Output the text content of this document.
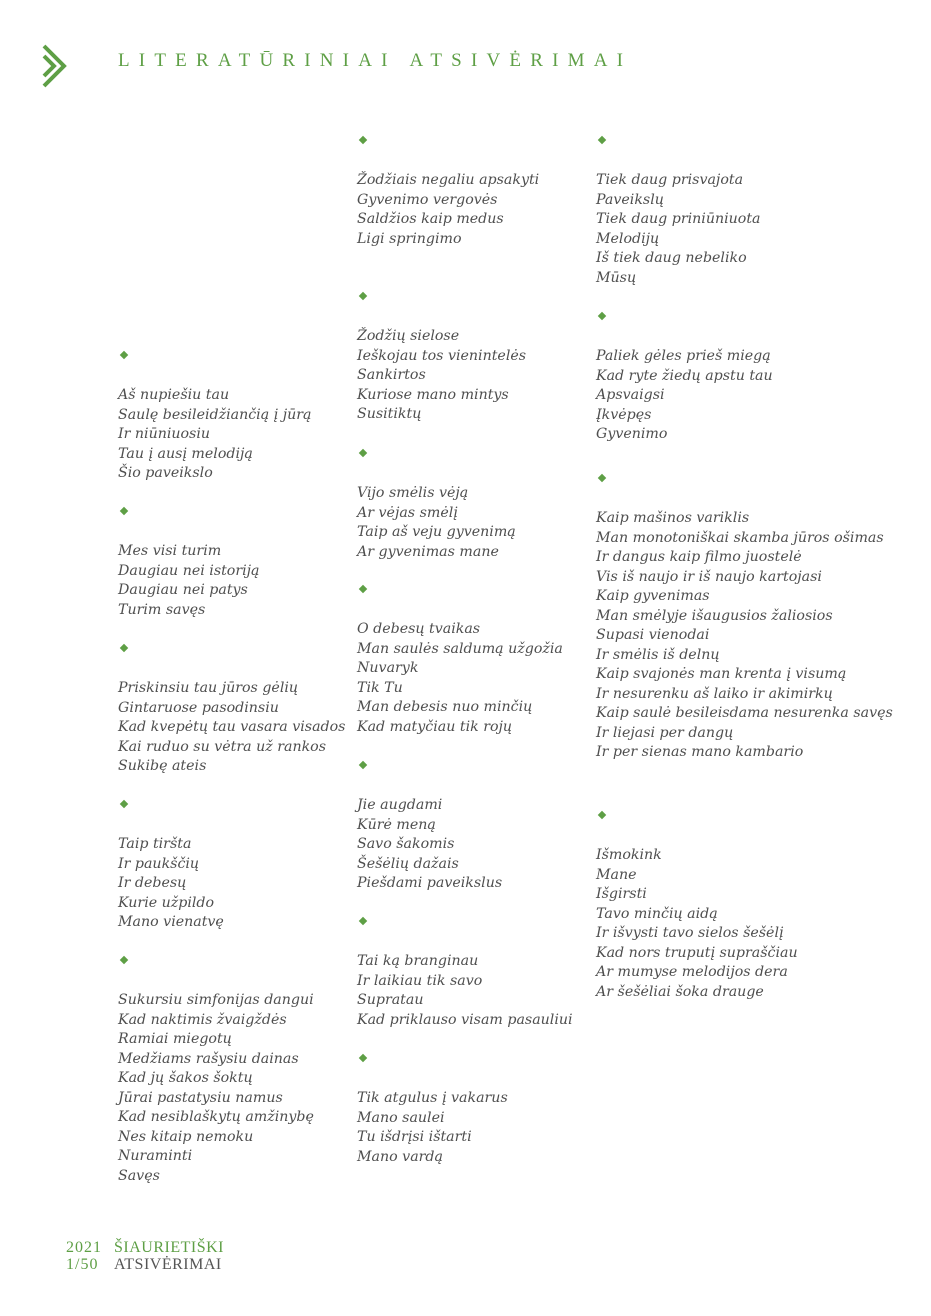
LITERATŪRINIAI ATSIVĖRIMAI
Aš nupiešiu tau
Saulę besileidžiančią į jūrą
Ir niūniuosiu
Tau į ausį melodiją
Šio paveikslo
Mes visi turim
Daugiau nei istoriją
Daugiau nei patys
Turim savęs
Priskinsiu tau jūros gėlių
Gintaruose pasodinsiu
Kad kvepėtų tau vasara visados
Kai ruduo su vėtra už rankos
Sukibę ateis
Taip tiršta
Ir paukščių
Ir debesų
Kurie užpildo
Mano vienatvę
Sukursiu simfonijas dangui
Kad naktimis žvaigždės
Ramiai miegotų
Medžiams rašysiu dainas
Kad jų šakos šoktų
Jūrai pastatysiu namus
Kad nesiblaškytų amžinybę
Nes kitaip nemoku
Nuraminti
Savęs
Žodžiais negaliu apsakyti
Gyvenimo vergovės
Saldžios kaip medus
Ligi springimo
Žodžių sielose
Ieškojau tos vienintelės
Sankirtos
Kuriose mano mintys
Susitiktų
Vijo smėlis vėją
Ar vėjas smėlį
Taip aš veju gyvenimą
Ar gyvenimas mane
O debesų tvaikas
Man saulės saldumą užgožia
Nuvaryk
Tik Tu
Man debesis nuo minčių
Kad matyčiau tik rojų
Jie augdami
Kūrė meną
Savo šakomis
Šešėlių dažais
Piešdami paveikslus
Tai ką branginau
Ir laikiau tik savo
Supratau
Kad priklauso visam pasauliui
Tik atgulus į vakarus
Mano saulei
Tu išdrįsi ištarti
Mano vardą
Tiek daug prisvajota
Paveikslų
Tiek daug priniūniuota
Melodijų
Iš tiek daug nebeliko
Mūsų
Paliek gėles prieš miegą
Kad ryte žiedų apstu tau
Apsvaigsi
Įkvėpęs
Gyvenimo
Kaip mašinos variklis
Man monotoniškai skamba jūros ošimas
Ir dangus kaip filmo juostelė
Vis iš naujo ir iš naujo kartojasi
Kaip gyvenimas
Man smėlyje išaugusios žaliosios
Supasi vienodai
Ir smėlis iš delnų
Kaip svajonės man krenta į visumą
Ir nesurenku aš laiko ir akimirkų
Kaip saulė besileisdama nesurenka savęs
Ir liejasi per dangų
Ir per sienas mano kambario
Išmokink
Mane
Išgirsti
Tavo minčių aidą
Ir išvysti tavo sielos šešėlį
Kad nors truputį supraščiau
Ar mumyse melodijos dera
Ar šešėliai šoka drauge
2021 ŠIAURIETIŠKI
1/50 ATSIVĖRIMAI
